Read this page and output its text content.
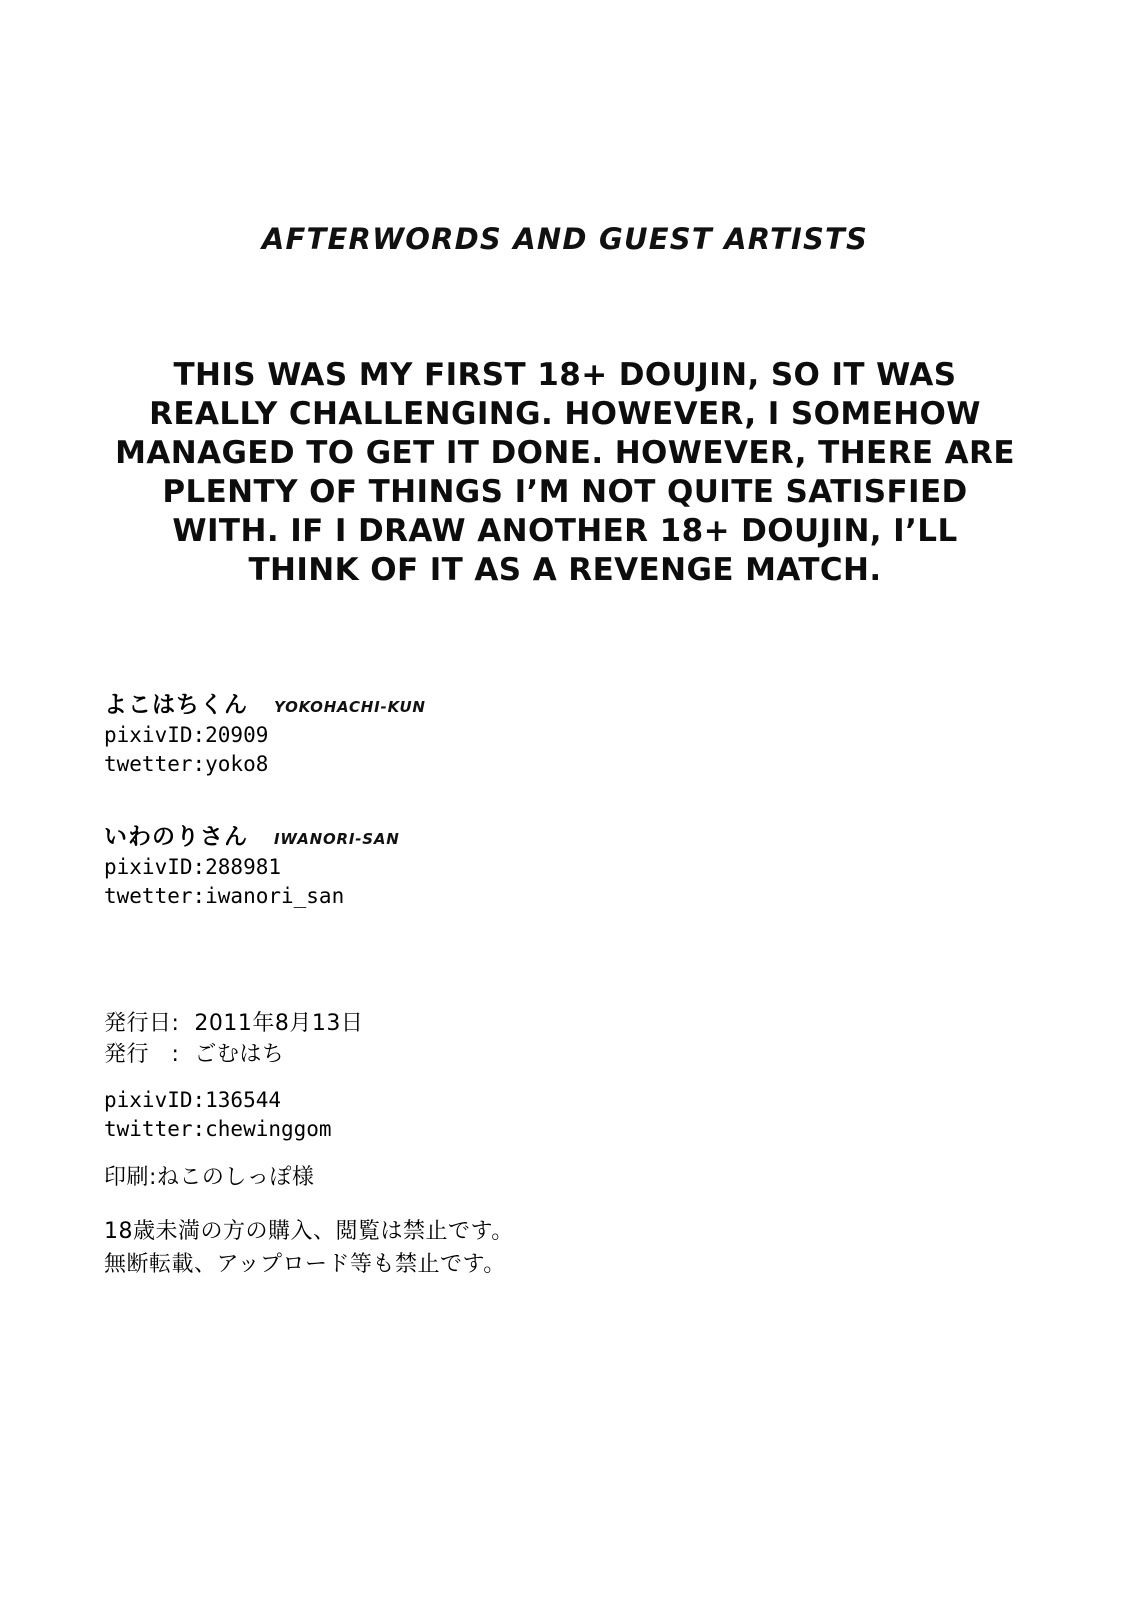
AFTERWORDS AND GUEST ARTISTS
THIS WAS MY FIRST 18+ DOUJIN, SO IT WAS
REALLY CHALLENGING. HOWEVER, I SOMEHOW
MANAGED TO GET IT DONE. HOWEVER, THERE ARE
PLENTY OF THINGS I’M NOT QUITE SATISFIED
WITH. IF I DRAW ANOTHER 18+ DOUJIN, I’LL
THINK OF IT AS A REVENGE MATCH.
よこはちくん YOKOHACHI-KUN
pixivID:20909
twetter:yoko8
いわのりさん IWANORI-SAN
pixivID:288981
twetter:iwanori_san
発行日:  2011年8月13日
発行   :  ごむはち
pixivID:136544
twitter:chewinggom
印刷:ねこのしっぽ様
18歳未満の方の購入、閲覧は禁止です。
無断転載、アップロード等も禁止です。
